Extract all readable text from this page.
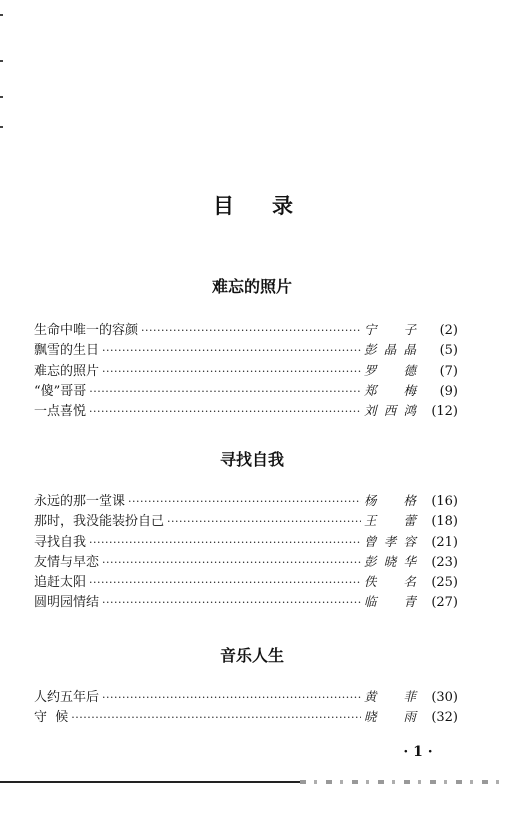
目 录
难忘的照片
生命中唯一的容颜 ·····	宁子	(2)
飘雪的生日 ·····	彭晶晶	(5)
难忘的照片 ·····	罗德	(7)
“傻”哥哥 ·····	郑梅	(9)
一点喜悦 ·····	刘西鸿	(12)
寻找自我
永远的那一堂课 ·····	杨格	(16)
那时，我没能装扮自己 ·····	王蕾	(18)
寻找自我 ·····	曾孝容	(21)
友情与早恋 ·····	彭晓华	(23)
追赶太阳 ·····	佚名	(25)
圆明园情结 ·····	临青	(27)
音乐人生
人约五年后 ·····	黄菲	(30)
守  候 ·····	晓雨	(32)
· 1 ·
